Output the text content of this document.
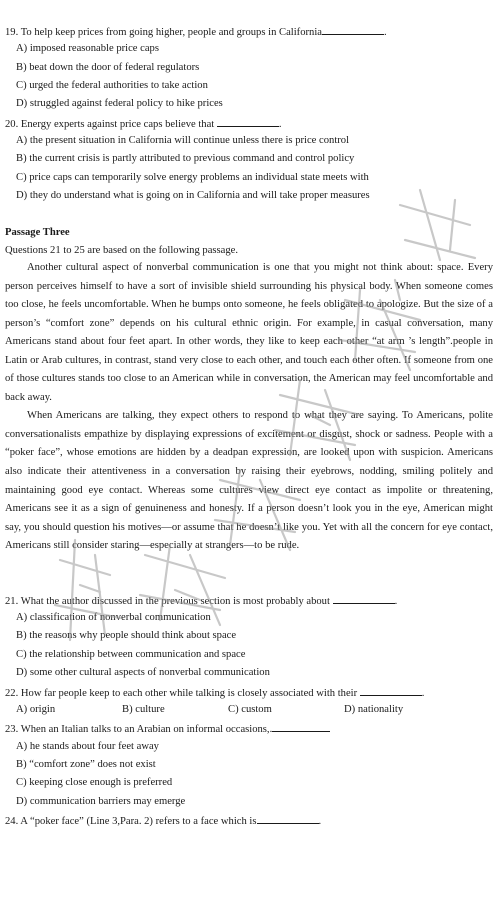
19. To help keep prices from going higher, people and groups in California	.
A) imposed reasonable price caps
B) beat down the door of federal regulators
C) urged the federal authorities to take action
D) struggled against federal policy to hike prices
20. Energy experts against price caps believe that	.
A) the present situation in California will continue unless there is price control
B) the current crisis is partly attributed to previous command and control policy
C) price caps can temporarily solve energy problems an individual state meets with
D) they do understand what is going on in California and will take proper measures
Passage Three
Questions 21 to 25 are based on the following passage.

Another cultural aspect of nonverbal communication is one that you might not think about: space. Every person perceives himself to have a sort of invisible shield surrounding his physical body. When someone comes too close, he feels uncomfortable. When he bumps onto someone, he feels obligated to apologize. But the size of a person’s “comfort zone” depends on his cultural ethnic origin. For example, in casual conversation, many Americans stand about four feet apart. In other words, they like to keep each other “at arm ’s length”.people in Latin or Arab cultures, in contrast, stand very close to each other, and touch each other often. If someone from one of those cultures stands too close to an American while in conversation, the American may feel uncomfortable and back away.

When Americans are talking, they expect others to respond to what they are saying. To Americans, polite conversationalists empathize by displaying expressions of excitement or disgust, shock or sadness. People with a “poker face”, whose emotions are hidden by a deadpan expression, are looked upon with suspicion. Americans also indicate their attentiveness in a conversation by raising their eyebrows, nodding, smiling politely and maintaining good eye contact. Whereas some cultures view direct eye contact as impolite or threatening, Americans see it as a sign of genuineness and honesty. If a person doesn’t look you in the eye, American might say, you should question his motives—or assume that he doesn’t like you. Yet with all the concern for eye contact, Americans still consider staring—especially at strangers—to be rude.

21. What the author discussed in the previous section is most probably about	.
A) classification of nonverbal communication
B) the reasons why people should think about space
C) the relationship between communication and space
D) some other cultural aspects of nonverbal communication
22. How far people keep to each other while talking is closely associated with their	.
A) origin	B) culture	C) custom	D) nationality
23. When an Italian talks to an Arabian on informal occasions,.
A) he stands about four feet away
B) “comfort zone” does not exist
C) keeping close enough is preferred
D) communication barriers may emerge
24. A “poker face” (Line 3,Para. 2) refers to a face which is	.
